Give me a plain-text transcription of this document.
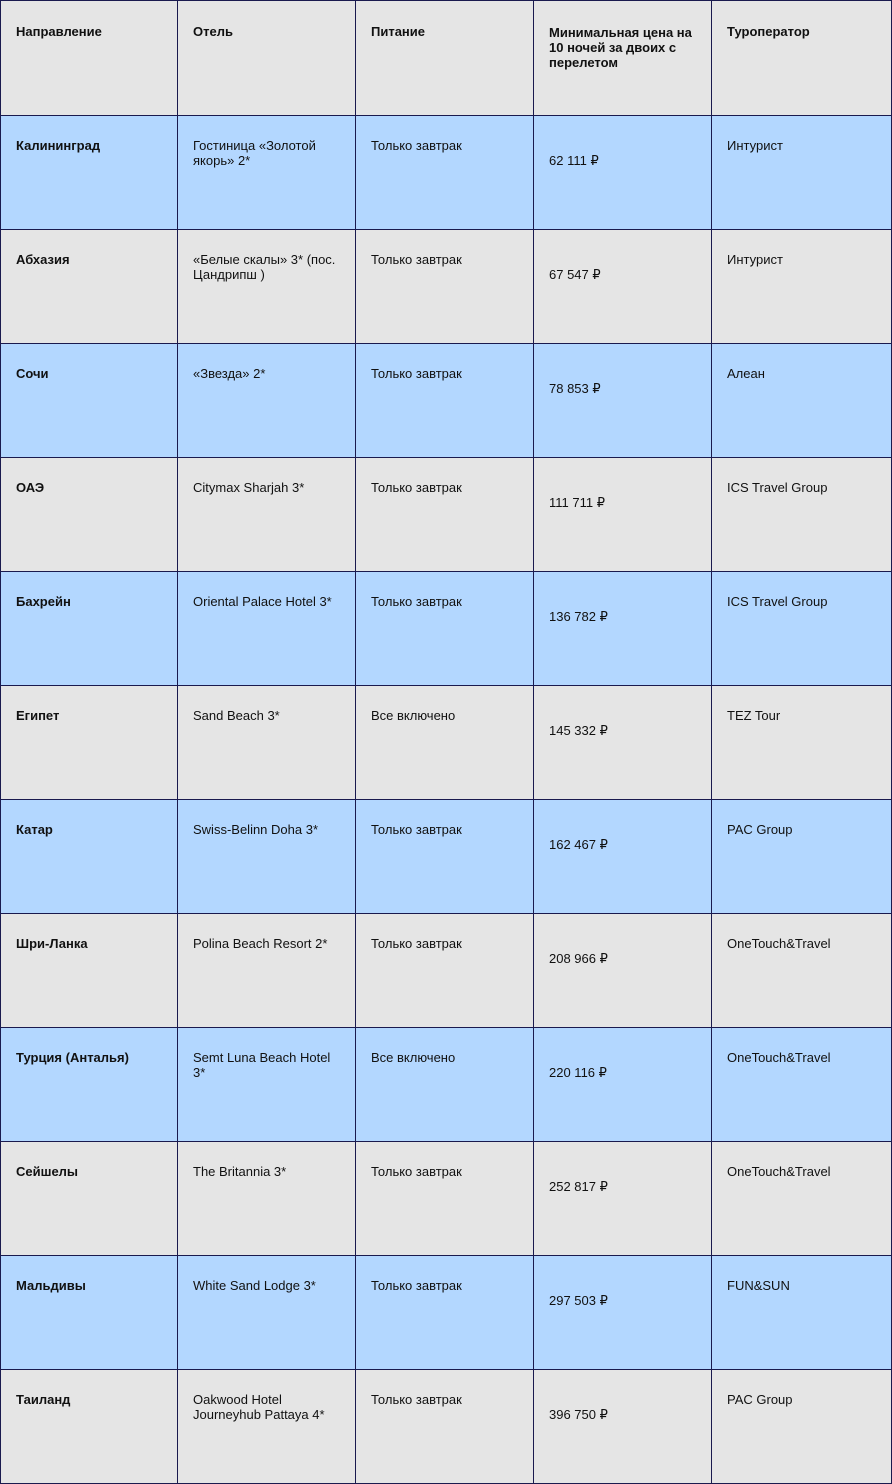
Направление	Отель	Питание	Минимальная цена на 10 ночей за двоих с перелетом	Туроператор
Калининград	Гостиница «Золотой якорь» 2*	Только завтрак	62 111 ₽	Интурист
Абхазия	«Белые скалы» 3* (пос. Цандрипш )	Только завтрак	67 547 ₽	Интурист
Сочи	«Звезда» 2*	Только завтрак	78 853 ₽	Алеан
ОАЭ	Citymax Sharjah 3*	Только завтрак	111 711 ₽	ICS Travel Group
Бахрейн	Oriental Palace Hotel 3*	Только завтрак	136 782 ₽	ICS Travel Group
Египет	Sand Beach 3*	Все включено	145 332 ₽	TEZ Tour
Катар	Swiss-Belinn Doha 3*	Только завтрак	162 467 ₽	PAC Group
Шри-Ланка	Polina Beach Resort 2*	Только завтрак	208 966 ₽	OneTouch&Travel
Турция (Анталья)	Semt Luna Beach Hotel 3*	Все включено	220 116 ₽	OneTouch&Travel
Сейшелы	The Britannia 3*	Только завтрак	252 817 ₽	OneTouch&Travel
Мальдивы	White Sand Lodge 3*	Только завтрак	297 503 ₽	FUN&SUN
Таиланд	Oakwood Hotel Journeyhub Pattaya 4*	Только завтрак	396 750 ₽	PAC Group
